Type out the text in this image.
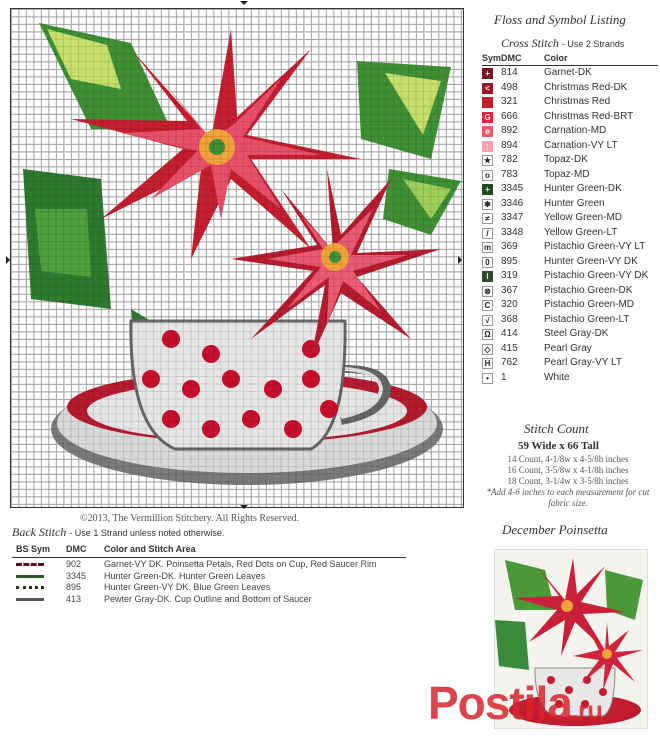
©2013, The Vermillion Stitchery. All Rights Reserved.
Floss and Symbol Listing
Cross Stitch - Use 2 Strands
Sym DMC	Color
+	814	Garnet-DK
<	498	Christmas Red-DK
321	Christmas Red
G 666	Christmas Red-BRT
e	892	Carnation-MD
:	894	Carnation-VY LT
★ 782	Topaz-DK
o	783	Topaz-MD
+	3345 Hunter Green-DK
✱ 3346 Hunter Green
≠	3347 Yellow Green-MD
/	3348 Yellow Green-LT
m 369	Pistachio Green-VY LT
0	895	Hunter Green-VY DK
I	319	Pistachio Green-VY DK
⊗ 367	Pistachio Green-DK
C 320	Pistachio Green-MD
√	368	Pistachio Green-LT
Ω 414	Steel Gray-DK
◇ 415	Pearl Gray
H 762	Pearl Gray-VY LT
•	1	White
Stitch Count
59 Wide x 66 Tall
14 Count, 4-1/8w x 4-5/8h inches
16 Count, 3-5/8w x 4-1/8h inches
18 Count, 3-1/4w x 3-5/8h inches
*Add 4-6 inches to each measurement for cut fabric size.
December Poinsetta
Back Stitch - Use 1 Strand unless noted otherwise.
BS Sym DMC Color and Stitch Area
902	Garnet-VY DK. Poinsetta Petals, Red Dots on Cup, Red Saucer Rim
3345 Hunter Green-DK. Hunter Green Leaves
895	Hunter Green-VY DK. Blue Green Leaves
413	Pewter Gray-DK. Cup Outline and Bottom of Saucer
Postila.ru
